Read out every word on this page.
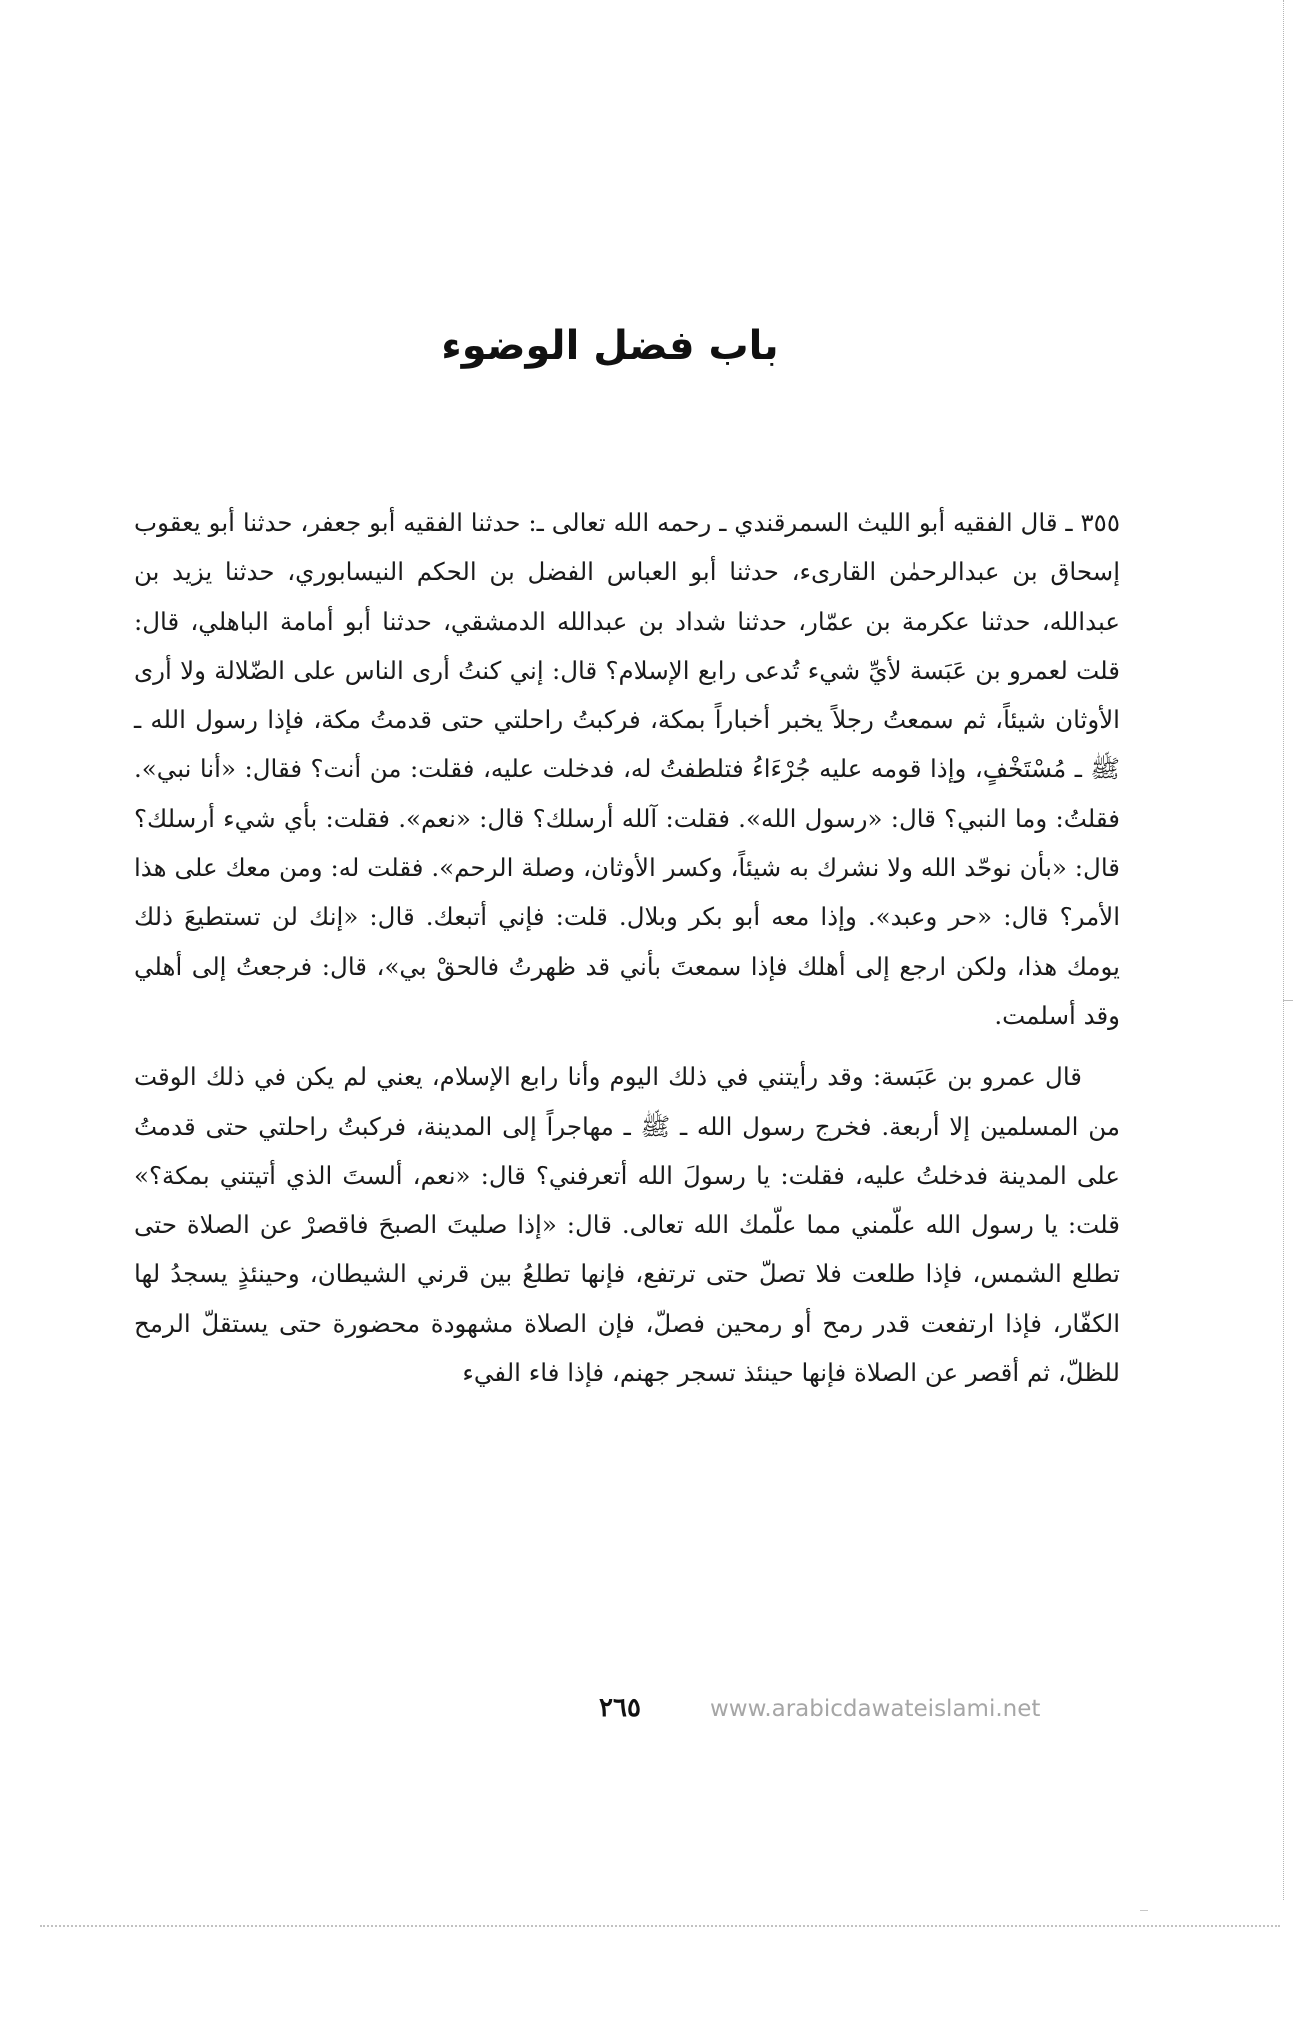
باب فضل الوضوء

٣٥٥ ـ قال الفقيه أبو الليث السمرقندي ـ رحمه الله تعالى ـ: حدثنا الفقيه أبو جعفر، حدثنا أبو يعقوب إسحاق بن عبدالرحمٰن القارىء، حدثنا أبو العباس الفضل بن الحكم النيسابوري، حدثنا يزيد بن عبدالله، حدثنا عكرمة بن عمّار، حدثنا شداد بن عبدالله الدمشقي، حدثنا أبو أمامة الباهلي، قال: قلت لعمرو بن عَبَسة لأيِّ شيء تُدعى رابع الإسلام؟ قال: إني كنتُ أرى الناس على الضّلالة ولا أرى الأوثان شيئاً، ثم سمعتُ رجلاً يخبر أخباراً بمكة، فركبتُ راحلتي حتى قدمتُ مكة، فإذا رسول الله ـ ﷺ ـ مُسْتَخْفٍ، وإذا قومه عليه جُرْءَاءُ فتلطفتُ له، فدخلت عليه، فقلت: من أنت؟ فقال: «أنا نبي». فقلتُ: وما النبي؟ قال: «رسول الله». فقلت: آلله أرسلك؟ قال: «نعم». فقلت: بأي شيء أرسلك؟ قال: «بأن نوحّد الله ولا نشرك به شيئاً، وكسر الأوثان، وصلة الرحم». فقلت له: ومن معك على هذا الأمر؟ قال: «حر وعبد». وإذا معه أبو بكر وبلال. قلت: فإني أتبعك. قال: «إنك لن تستطيعَ ذلك يومك هذا، ولكن ارجع إلى أهلك فإذا سمعتَ بأني قد ظهرتُ فالحقْ بي»، قال: فرجعتُ إلى أهلي وقد أسلمت.

قال عمرو بن عَبَسة: وقد رأيتني في ذلك اليوم وأنا رابع الإسلام، يعني لم يكن في ذلك الوقت من المسلمين إلا أربعة. فخرج رسول الله ـ ﷺ ـ مهاجراً إلى المدينة، فركبتُ راحلتي حتى قدمتُ على المدينة فدخلتُ عليه، فقلت: يا رسولَ الله أتعرفني؟ قال: «نعم، ألستَ الذي أتيتني بمكة؟» قلت: يا رسول الله علّمني مما علّمك الله تعالى. قال: «إذا صليتَ الصبحَ فاقصرْ عن الصلاة حتى تطلع الشمس، فإذا طلعت فلا تصلّ حتى ترتفع، فإنها تطلعُ بين قرني الشيطان، وحينئذٍ يسجدُ لها الكفّار، فإذا ارتفعت قدر رمح أو رمحين فصلّ، فإن الصلاة مشهودة محضورة حتى يستقلّ الرمح للظلّ، ثم أقصر عن الصلاة فإنها حينئذ تسجر جهنم، فإذا فاء الفيء

٢٦٥	www.arabicdawateislami.net
